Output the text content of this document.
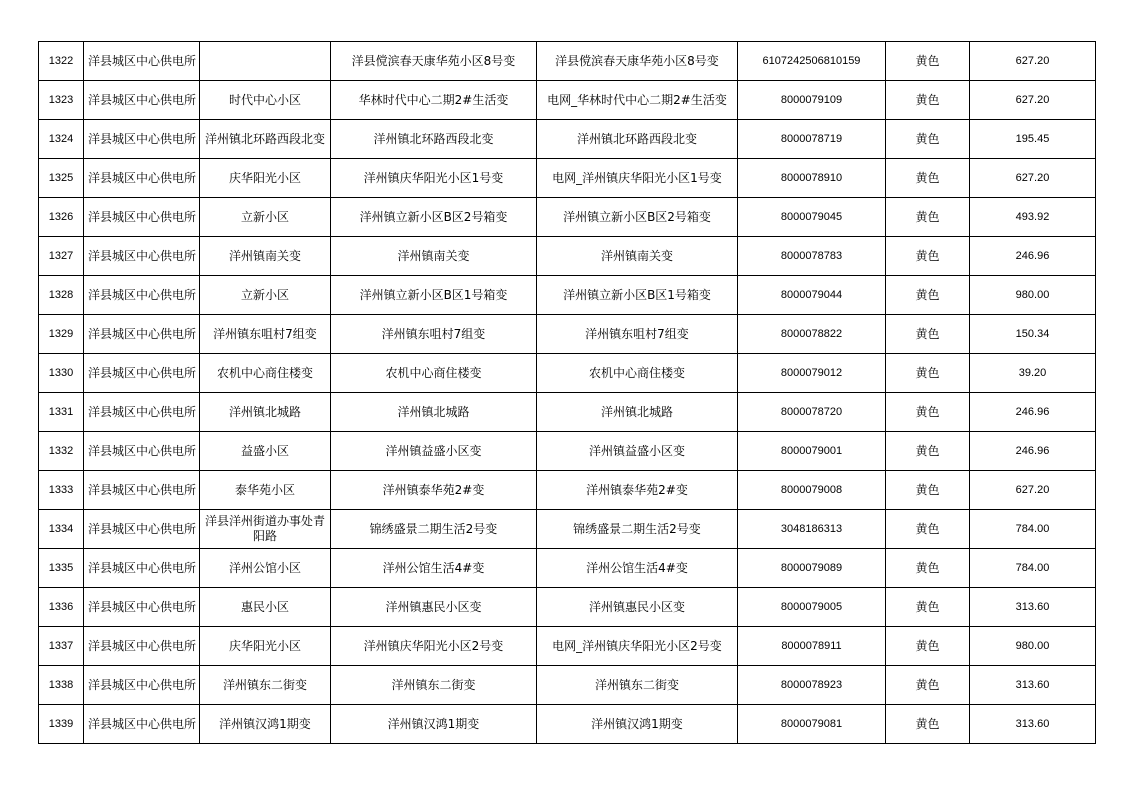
1322	洋县城区中心供电所		洋县傥滨春天康华苑小区8号变	洋县傥滨春天康华苑小区8号变	6107242506810159	黄色	627.20
1323	洋县城区中心供电所	时代中心小区	华林时代中心二期2#生活变	电网_华林时代中心二期2#生活变	8000079109	黄色	627.20
1324	洋县城区中心供电所	洋州镇北环路西段北变	洋州镇北环路西段北变	洋州镇北环路西段北变	8000078719	黄色	195.45
1325	洋县城区中心供电所	庆华阳光小区	洋州镇庆华阳光小区1号变	电网_洋州镇庆华阳光小区1号变	8000078910	黄色	627.20
1326	洋县城区中心供电所	立新小区	洋州镇立新小区B区2号箱变	洋州镇立新小区B区2号箱变	8000079045	黄色	493.92
1327	洋县城区中心供电所	洋州镇南关变	洋州镇南关变	洋州镇南关变	8000078783	黄色	246.96
1328	洋县城区中心供电所	立新小区	洋州镇立新小区B区1号箱变	洋州镇立新小区B区1号箱变	8000079044	黄色	980.00
1329	洋县城区中心供电所	洋州镇东咀村7组变	洋州镇东咀村7组变	洋州镇东咀村7组变	8000078822	黄色	150.34
1330	洋县城区中心供电所	农机中心商住楼变	农机中心商住楼变	农机中心商住楼变	8000079012	黄色	39.20
1331	洋县城区中心供电所	洋州镇北城路	洋州镇北城路	洋州镇北城路	8000078720	黄色	246.96
1332	洋县城区中心供电所	益盛小区	洋州镇益盛小区变	洋州镇益盛小区变	8000079001	黄色	246.96
1333	洋县城区中心供电所	泰华苑小区	洋州镇泰华苑2#变	洋州镇泰华苑2#变	8000079008	黄色	627.20
1334	洋县城区中心供电所	洋县洋州街道办事处青阳路	锦绣盛景二期生活2号变	锦绣盛景二期生活2号变	3048186313	黄色	784.00
1335	洋县城区中心供电所	洋州公馆小区	洋州公馆生活4#变	洋州公馆生活4#变	8000079089	黄色	784.00
1336	洋县城区中心供电所	惠民小区	洋州镇惠民小区变	洋州镇惠民小区变	8000079005	黄色	313.60
1337	洋县城区中心供电所	庆华阳光小区	洋州镇庆华阳光小区2号变	电网_洋州镇庆华阳光小区2号变	8000078911	黄色	980.00
1338	洋县城区中心供电所	洋州镇东二街变	洋州镇东二街变	洋州镇东二街变	8000078923	黄色	313.60
1339	洋县城区中心供电所	洋州镇汉鸿1期变	洋州镇汉鸿1期变	洋州镇汉鸿1期变	8000079081	黄色	313.60
